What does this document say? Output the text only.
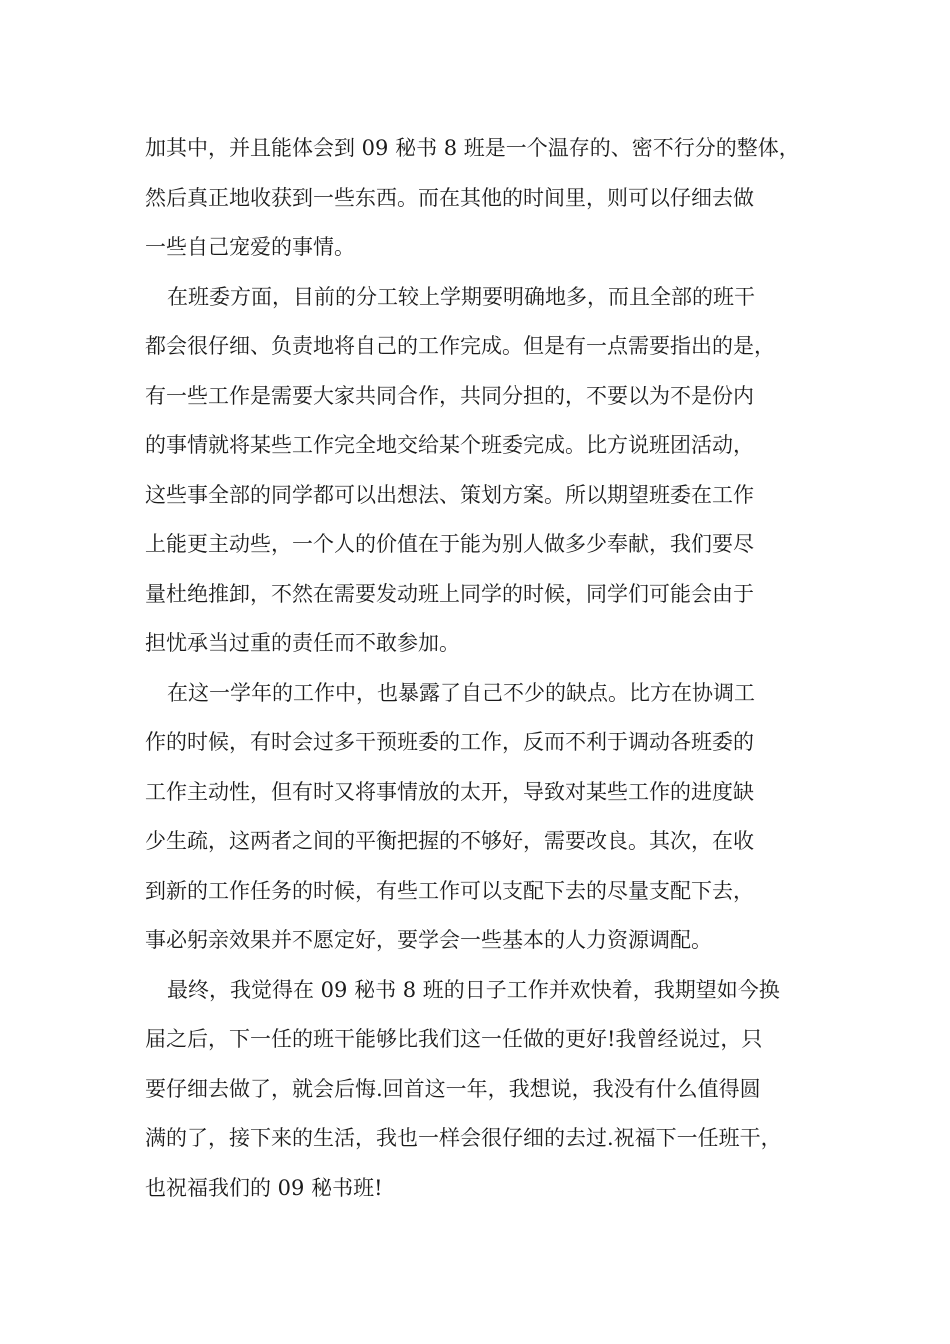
加其中，并且能体会到 09 秘书 8 班是一个温存的、密不行分的整体，
然后真正地收获到一些东西。而在其他的时间里，则可以仔细去做
一些自己宠爱的事情。
在班委方面，目前的分工较上学期要明确地多，而且全部的班干
都会很仔细、负责地将自己的工作完成。但是有一点需要指出的是，
有一些工作是需要大家共同合作，共同分担的，不要以为不是份内
的事情就将某些工作完全地交给某个班委完成。比方说班团活动，
这些事全部的同学都可以出想法、策划方案。所以期望班委在工作
上能更主动些，一个人的价值在于能为别人做多少奉献，我们要尽
量杜绝推卸，不然在需要发动班上同学的时候，同学们可能会由于
担忧承当过重的责任而不敢参加。
在这一学年的工作中，也暴露了自己不少的缺点。比方在协调工
作的时候，有时会过多干预班委的工作，反而不利于调动各班委的
工作主动性，但有时又将事情放的太开，导致对某些工作的进度缺
少生疏，这两者之间的平衡把握的不够好，需要改良。其次，在收
到新的工作任务的时候，有些工作可以支配下去的尽量支配下去，
事必躬亲效果并不愿定好，要学会一些基本的人力资源调配。
最终，我觉得在 09 秘书 8 班的日子工作并欢快着，我期望如今换
届之后，下一任的班干能够比我们这一任做的更好!我曾经说过，只
要仔细去做了，就会后悔.回首这一年，我想说，我没有什么值得圆
满的了，接下来的生活，我也一样会很仔细的去过.祝福下一任班干，
也祝福我们的 09 秘书班!
